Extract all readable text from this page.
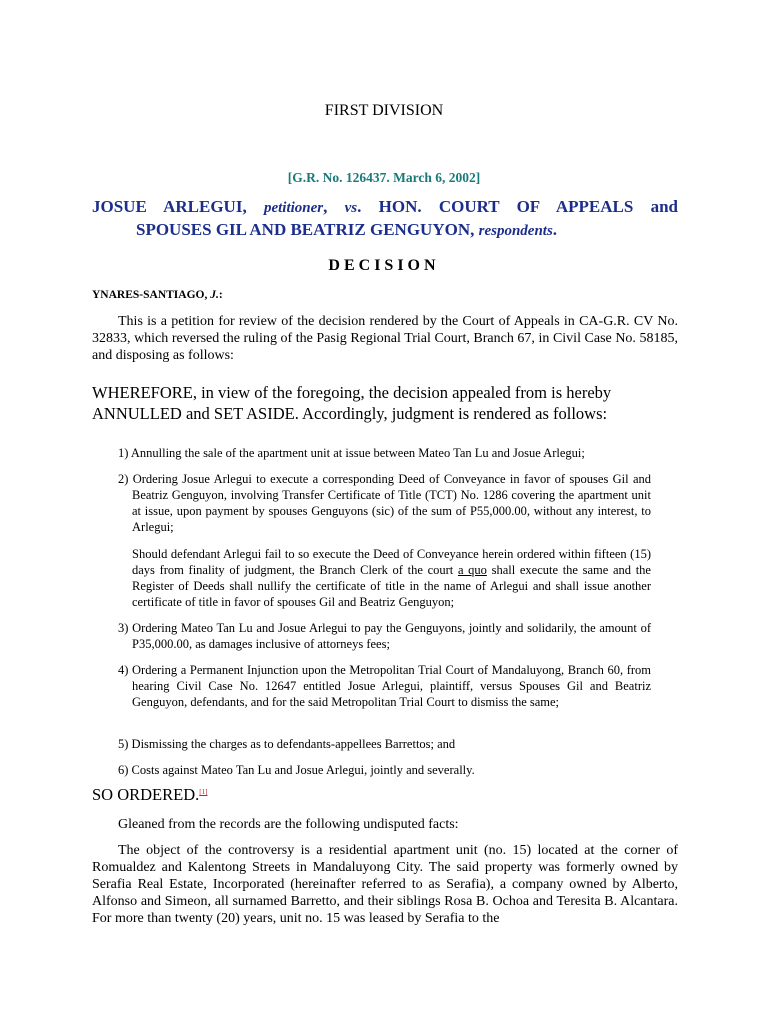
FIRST DIVISION

[G.R. No. 126437. March 6, 2002]

JOSUE ARLEGUI, petitioner, vs. HON. COURT OF APPEALS and
SPOUSES GIL AND BEATRIZ GENGUYON, respondents.

DECISION

YNARES-SANTIAGO, J.:

This is a petition for review of the decision rendered by the Court of Appeals in CA-G.R. CV No. 32833, which reversed the ruling of the Pasig Regional Trial Court, Branch 67, in Civil Case No. 58185, and disposing as follows:

WHEREFORE, in view of the foregoing, the decision appealed from is hereby ANNULLED and SET ASIDE. Accordingly, judgment is rendered as follows:

1) Annulling the sale of the apartment unit at issue between Mateo Tan Lu and Josue Arlegui;

2) Ordering Josue Arlegui to execute a corresponding Deed of Conveyance in favor of spouses Gil and Beatriz Genguyon, involving Transfer Certificate of Title (TCT) No. 1286 covering the apartment unit at issue, upon payment by spouses Genguyons (sic) of the sum of P55,000.00, without any interest, to Arlegui;

Should defendant Arlegui fail to so execute the Deed of Conveyance herein ordered within fifteen (15) days from finality of judgment, the Branch Clerk of the court a quo shall execute the same and the Register of Deeds shall nullify the certificate of title in the name of Arlegui and shall issue another certificate of title in favor of spouses Gil and Beatriz Genguyon;

3) Ordering Mateo Tan Lu and Josue Arlegui to pay the Genguyons, jointly and solidarily, the amount of P35,000.00, as damages inclusive of attorneys fees;

4) Ordering a Permanent Injunction upon the Metropolitan Trial Court of Mandaluyong, Branch 60, from hearing Civil Case No. 12647 entitled Josue Arlegui, plaintiff, versus Spouses Gil and Beatriz Genguyon, defendants, and for the said Metropolitan Trial Court to dismiss the same;

5) Dismissing the charges as to defendants-appellees Barrettos; and

6) Costs against Mateo Tan Lu and Josue Arlegui, jointly and severally.

SO ORDERED.[1]

Gleaned from the records are the following undisputed facts:

The object of the controversy is a residential apartment unit (no. 15) located at the corner of Romualdez and Kalentong Streets in Mandaluyong City. The said property was formerly owned by Serafia Real Estate, Incorporated (hereinafter referred to as Serafia), a company owned by Alberto, Alfonso and Simeon, all surnamed Barretto, and their siblings Rosa B. Ochoa and Teresita B. Alcantara. For more than twenty (20) years, unit no. 15 was leased by Serafia to the
